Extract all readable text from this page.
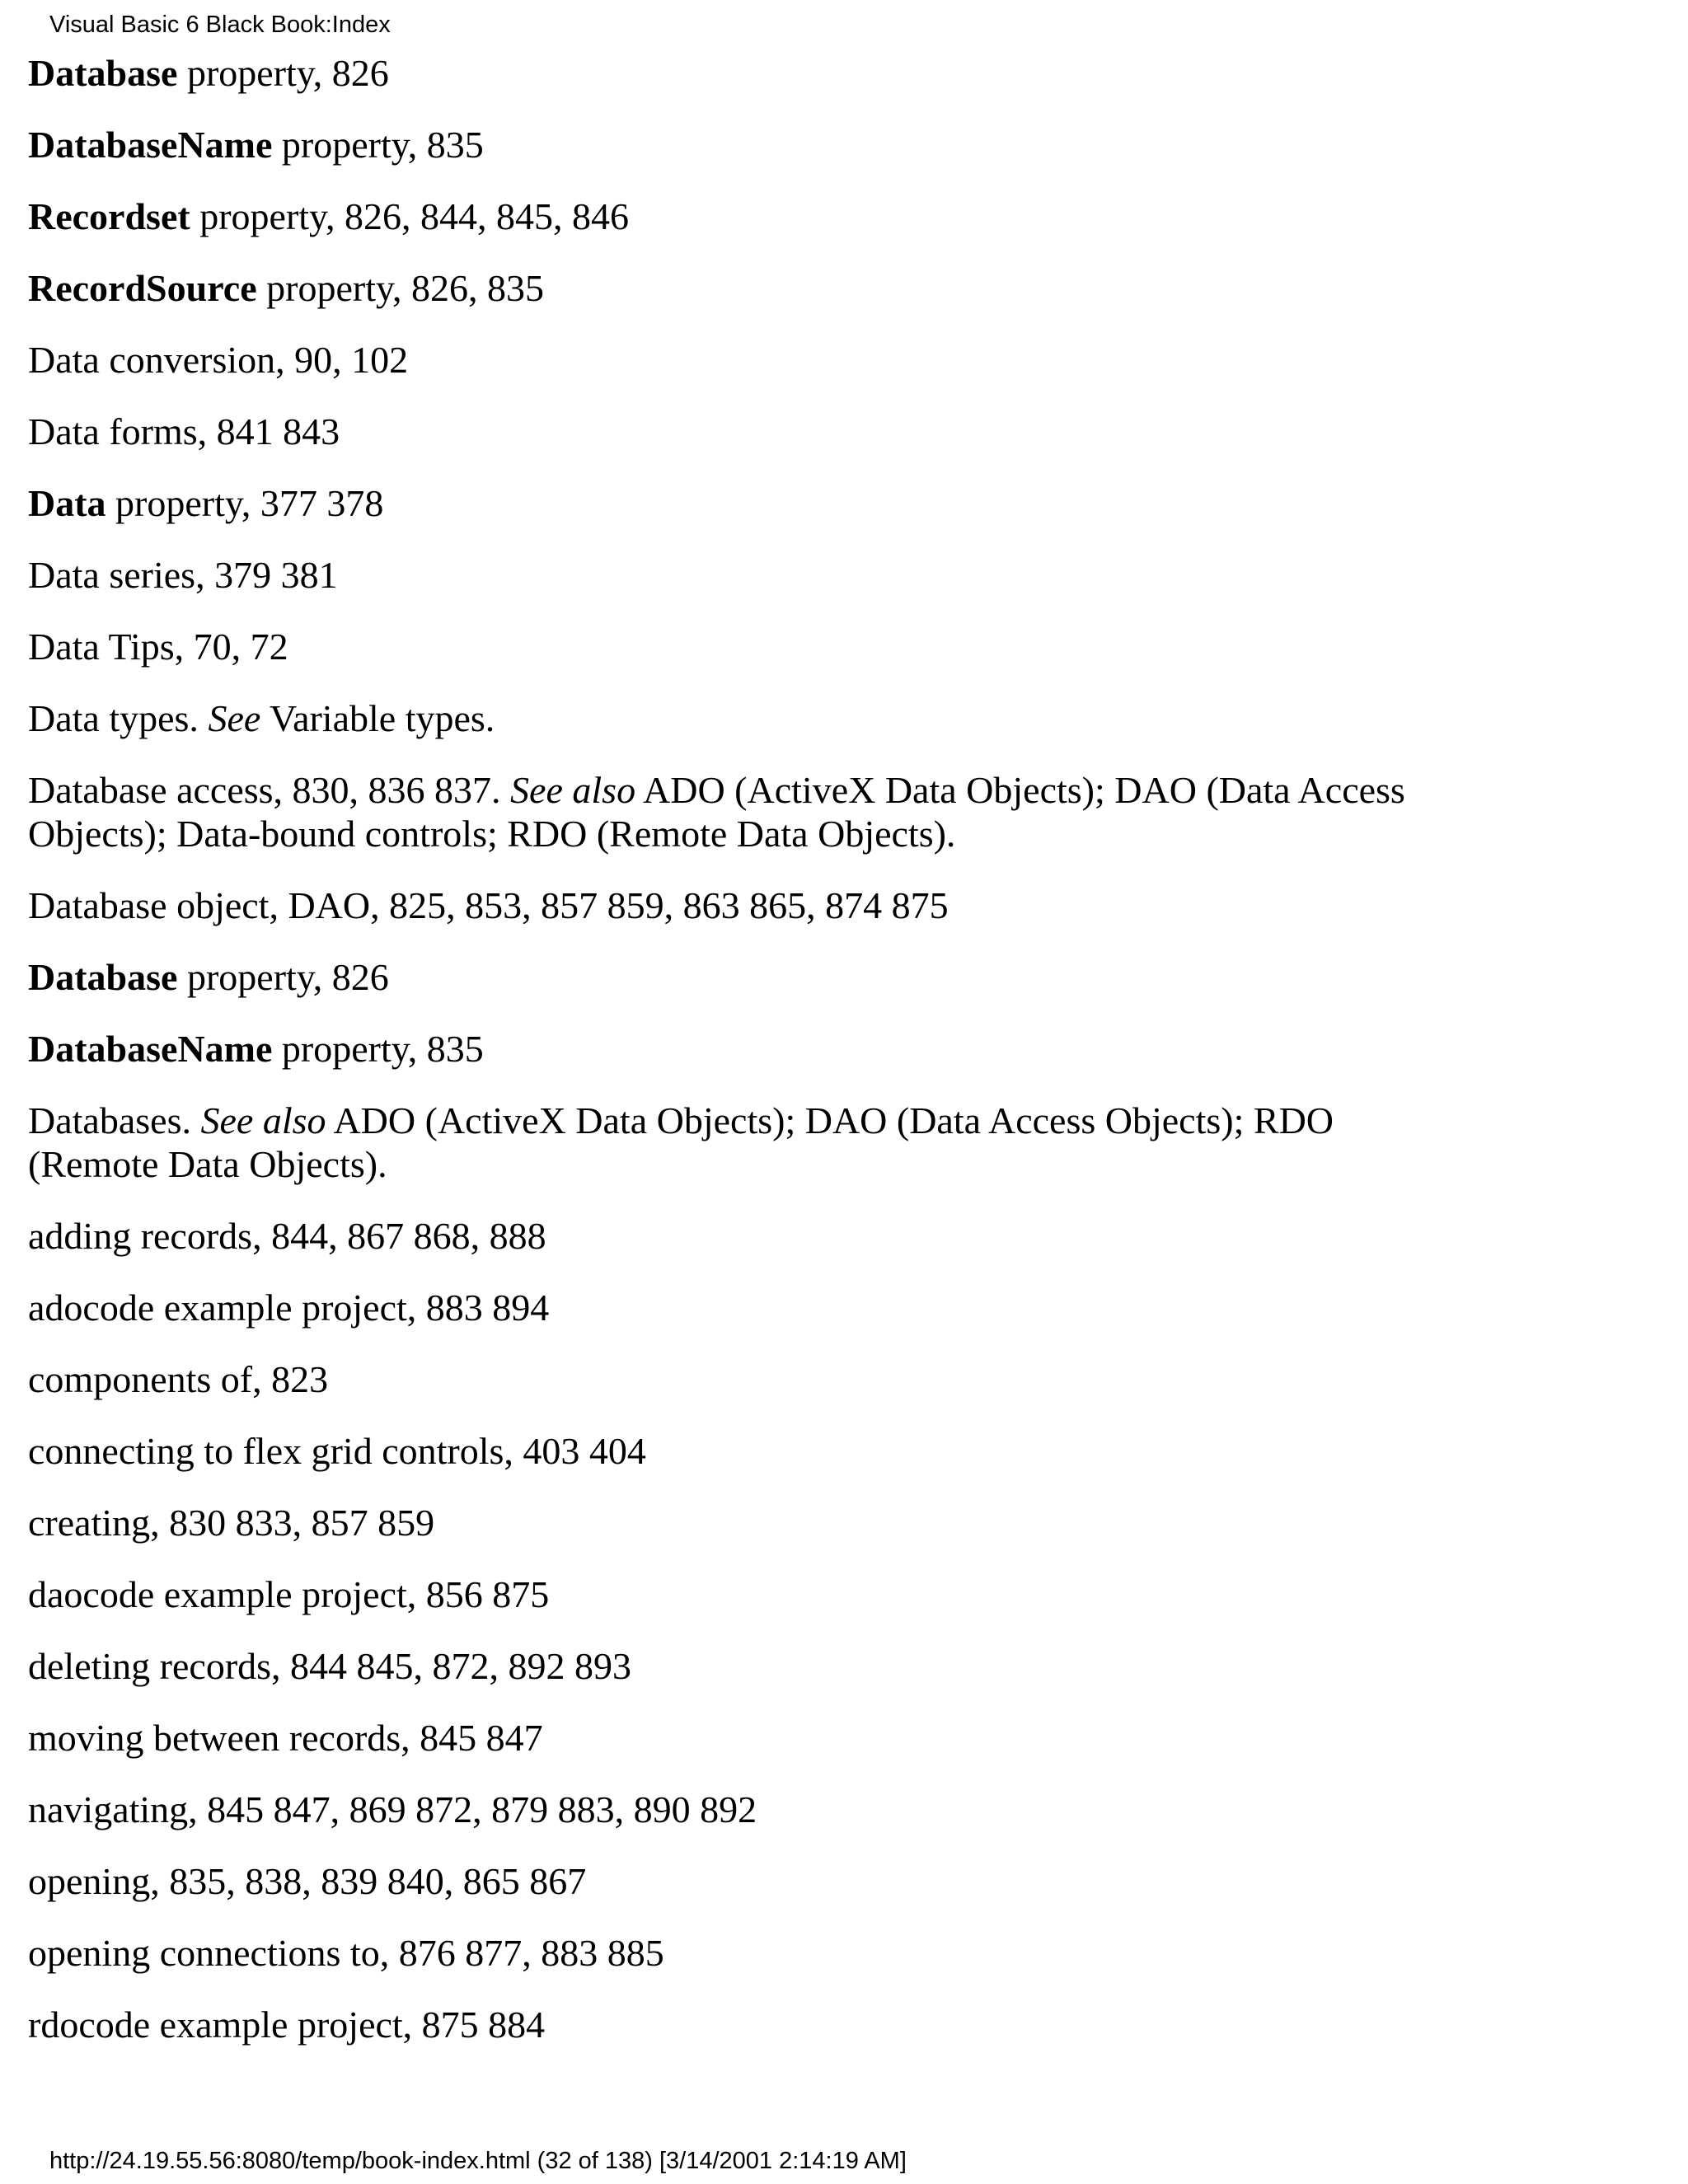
Visual Basic 6 Black Book:Index

Database property, 826

DatabaseName property, 835

Recordset property, 826, 844, 845, 846

RecordSource property, 826, 835

Data conversion, 90, 102

Data forms, 841 843

Data property, 377 378

Data series, 379 381

Data Tips, 70, 72

Data types. See Variable types.

Database access, 830, 836 837. See also ADO (ActiveX Data Objects); DAO (Data Access Objects); Data-bound controls; RDO (Remote Data Objects).

Database object, DAO, 825, 853, 857 859, 863 865, 874 875

Database property, 826

DatabaseName property, 835

Databases. See also ADO (ActiveX Data Objects); DAO (Data Access Objects); RDO (Remote Data Objects).

adding records, 844, 867 868, 888

adocode example project, 883 894

components of, 823

connecting to flex grid controls, 403 404

creating, 830 833, 857 859

daocode example project, 856 875

deleting records, 844 845, 872, 892 893

moving between records, 845 847

navigating, 845 847, 869 872, 879 883, 890 892

opening, 835, 838, 839 840, 865 867

opening connections to, 876 877, 883 885

rdocode example project, 875 884

http://24.19.55.56:8080/temp/book-index.html (32 of 138) [3/14/2001 2:14:19 AM]
